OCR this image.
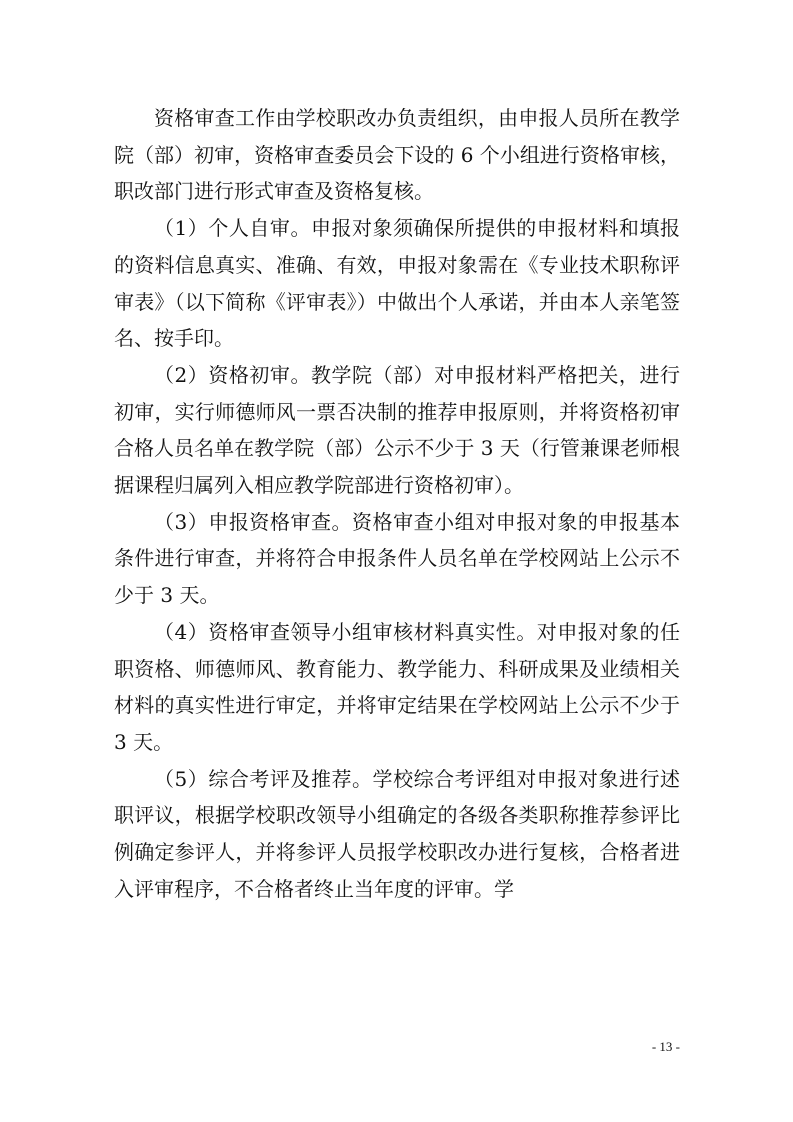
资格审查工作由学校职改办负责组织，由申报人员所在教学院（部）初审，资格审查委员会下设的 6 个小组进行资格审核，职改部门进行形式审查及资格复核。

（1）个人自审。申报对象须确保所提供的申报材料和填报的资料信息真实、准确、有效，申报对象需在《专业技术职称评审表》（以下简称《评审表》）中做出个人承诺，并由本人亲笔签名、按手印。

（2）资格初审。教学院（部）对申报材料严格把关，进行初审，实行师德师风一票否决制的推荐申报原则，并将资格初审合格人员名单在教学院（部）公示不少于 3 天（行管兼课老师根据课程归属列入相应教学院部进行资格初审）。

（3）申报资格审查。资格审查小组对申报对象的申报基本条件进行审查，并将符合申报条件人员名单在学校网站上公示不少于 3 天。

（4）资格审查领导小组审核材料真实性。对申报对象的任职资格、师德师风、教育能力、教学能力、科研成果及业绩相关材料的真实性进行审定，并将审定结果在学校网站上公示不少于 3 天。

（5）综合考评及推荐。学校综合考评组对申报对象进行述职评议，根据学校职改领导小组确定的各级各类职称推荐参评比例确定参评人，并将参评人员报学校职改办进行复核，合格者进入评审程序，不合格者终止当年度的评审。学

- 13 -
